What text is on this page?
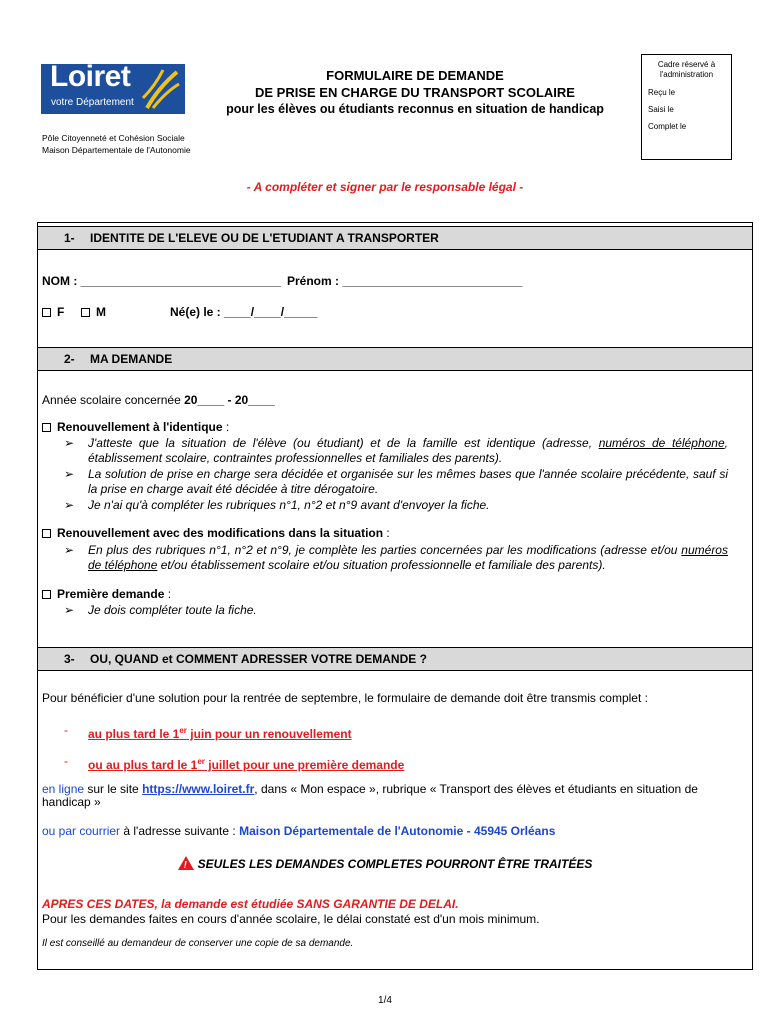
Loiret
votre Département
Pôle Citoyenneté et Cohésion Sociale
Maison Départementale de l'Autonomie
FORMULAIRE DE DEMANDE
DE PRISE EN CHARGE DU TRANSPORT SCOLAIRE
pour les élèves ou étudiants reconnus en situation de handicap
Cadre réservé à l'administration
Reçu le
Saisi le
Complet le
- A compléter et signer par le responsable légal -
1- IDENTITE DE L'ELEVE OU DE L'ETUDIANT A TRANSPORTER
NOM : ______________________________ Prénom : ___________________________
F	M	Né(e) le : ____/____/_____
2- MA DEMANDE
Année scolaire concernée 20____ - 20____
Renouvellement à l'identique :
➢ J'atteste que la situation de l'élève (ou étudiant) et de la famille est identique (adresse, numéros de téléphone, établissement scolaire, contraintes professionnelles et familiales des parents).
➢ La solution de prise en charge sera décidée et organisée sur les mêmes bases que l'année scolaire précédente, sauf si la prise en charge avait été décidée à titre dérogatoire.
➢ Je n'ai qu'à compléter les rubriques n°1, n°2 et n°9 avant d'envoyer la fiche.
Renouvellement avec des modifications dans la situation :
➢ En plus des rubriques n°1, n°2 et n°9, je complète les parties concernées par les modifications (adresse et/ou numéros de téléphone et/ou établissement scolaire et/ou situation professionnelle et familiale des parents).
Première demande :
➢ Je dois compléter toute la fiche.
3- OU, QUAND et COMMENT ADRESSER VOTRE DEMANDE ?
Pour bénéficier d'une solution pour la rentrée de septembre, le formulaire de demande doit être transmis complet :
- au plus tard le 1er juin pour un renouvellement
- ou au plus tard le 1er juillet pour une première demande
en ligne sur le site https://www.loiret.fr, dans « Mon espace », rubrique « Transport des élèves et étudiants en situation de
handicap »
ou par courrier à l'adresse suivante : Maison Départementale de l'Autonomie - 45945 Orléans
! SEULES LES DEMANDES COMPLETES POURRONT ÊTRE TRAITÉES
APRES CES DATES, la demande est étudiée SANS GARANTIE DE DELAI.
Pour les demandes faites en cours d'année scolaire, le délai constaté est d'un mois minimum.
Il est conseillé au demandeur de conserver une copie de sa demande.
1/4
